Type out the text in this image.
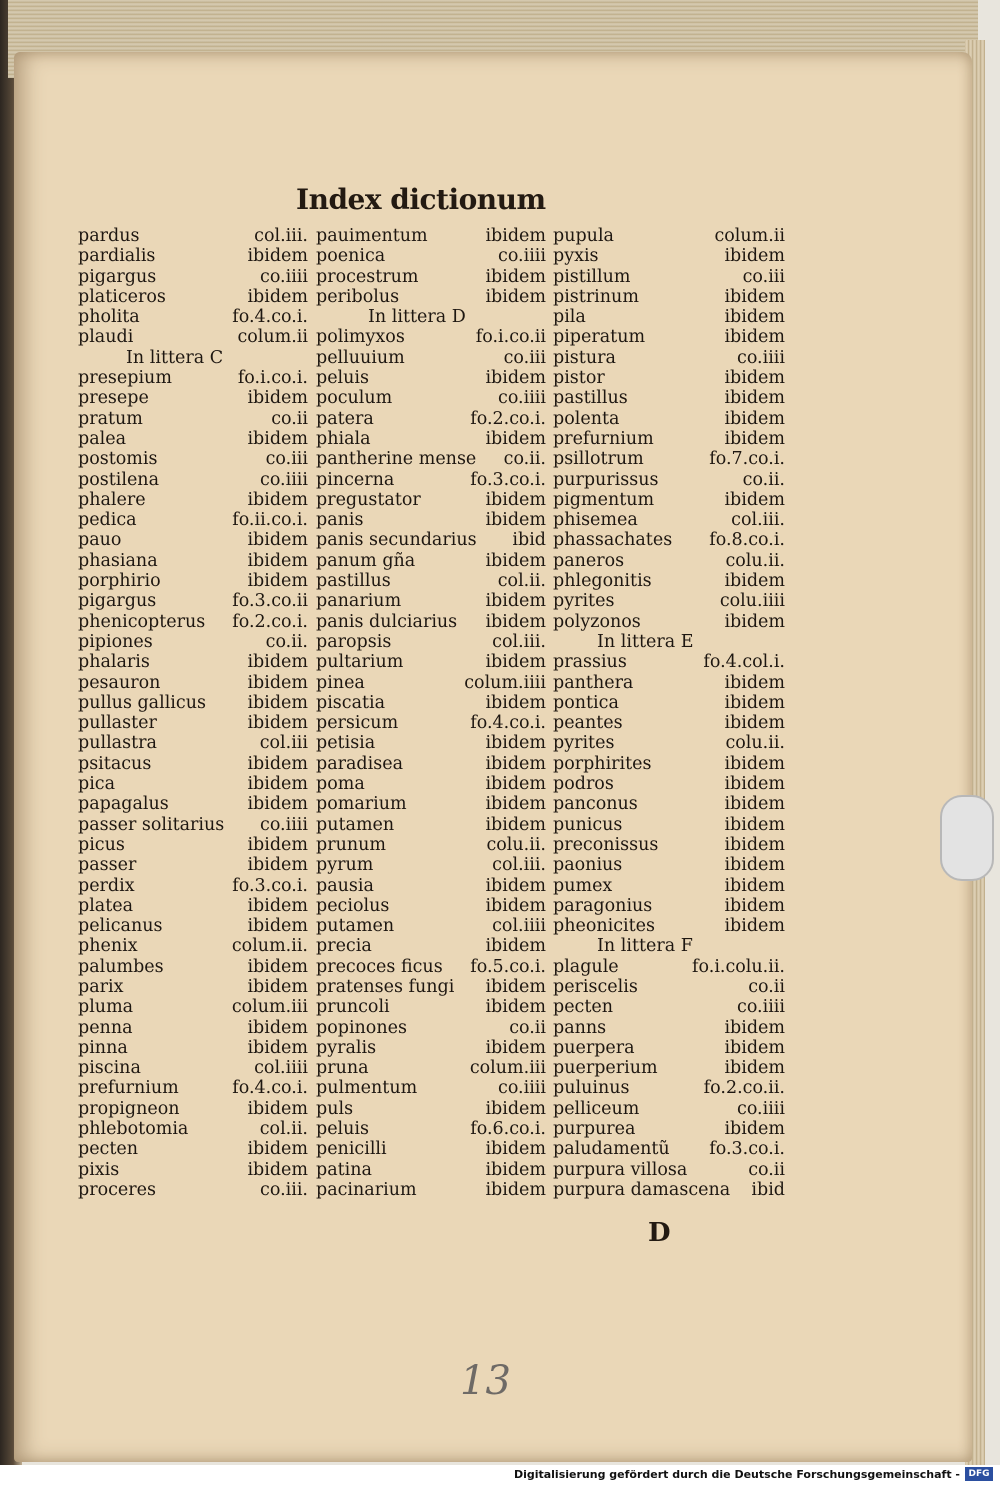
Index dictionum
pardus	col.iii.
pardialis	ibidem
pigargus	co.iiii
platiceros	ibidem
pholita	fo.4.co.i.
plaudi	colum.ii
In littera C
presepium	fo.i.co.i.
presepe	ibidem
pratum	co.ii
palea	ibidem
postomis	co.iii
postilena	co.iiii
phalere	ibidem
pedica	fo.ii.co.i.
pauo	ibidem
phasiana	ibidem
porphirio	ibidem
pigargus	fo.3.co.ii
phenicopterus fo.2.co.i.
pipiones	co.ii.
phalaris	ibidem
pesauron	ibidem
pullus gallicus ibidem
pullaster	ibidem
pullastra	col.iii
psitacus	ibidem
pica	ibidem
papagalus	ibidem
passer solitarius co.iiii
picus	ibidem
passer	ibidem
perdix	fo.3.co.i.
platea	ibidem
pelicanus	ibidem
phenix	colum.ii.
palumbes	ibidem
parix	ibidem
pluma	colum.iii
penna	ibidem
pinna	ibidem
piscina	col.iiii
prefurnium	fo.4.co.i.
propigneon	ibidem
phlebotomia	col.ii.
pecten	ibidem
pixis	ibidem
proceres	co.iii.
pauimentum	ibidem
poenica	co.iiii
procestrum	ibidem
peribolus	ibidem
In littera D
polimyxos	fo.i.co.ii
pelluuium	co.iii
peluis	ibidem
poculum	co.iiii
patera	fo.2.co.i.
phiala	ibidem
pantherine mense co.ii.
pincerna	fo.3.co.i.
pregustator	ibidem
panis	ibidem
panis secundarius ibid
panum gña	ibidem
pastillus	col.ii.
panarium	ibidem
panis dulciarius ibidem
paropsis	col.iii.
pultarium	ibidem
pinea	colum.iiii
piscatia	ibidem
persicum	fo.4.co.i.
petisia	ibidem
paradisea	ibidem
poma	ibidem
pomarium	ibidem
putamen	ibidem
prunum	colu.ii.
pyrum	col.iii.
pausia	ibidem
peciolus	ibidem
putamen	col.iiii
precia	ibidem
precoces ficus fo.5.co.i.
pratenses fungi ibidem
pruncoli	ibidem
popinones	co.ii
pyralis	ibidem
pruna	colum.iii
pulmentum	co.iiii
puls	ibidem
peluis	fo.6.co.i.
penicilli	ibidem
patina	ibidem
pacinarium	ibidem
pupula	colum.ii
pyxis	ibidem
pistillum	co.iii
pistrinum	ibidem
pila	ibidem
piperatum	ibidem
pistura	co.iiii
pistor	ibidem
pastillus	ibidem
polenta	ibidem
prefurnium	ibidem
psillotrum	fo.7.co.i.
purpurissus	co.ii.
pigmentum	ibidem
phisemea	col.iii.
phassachates fo.8.co.i.
paneros	colu.ii.
phlegonitis	ibidem
pyrites	colu.iiii
polyzonos	ibidem
In littera E
prassius	fo.4.col.i.
panthera	ibidem
pontica	ibidem
peantes	ibidem
pyrites	colu.ii.
porphirites	ibidem
podros	ibidem
panconus	ibidem
punicus	ibidem
preconissus	ibidem
paonius	ibidem
pumex	ibidem
paragonius	ibidem
pheonicites	ibidem
In littera F
plagule	fo.i.colu.ii.
periscelis	co.ii
pecten	co.iiii
panns	ibidem
puerpera	ibidem
puerperium	ibidem
puluinus	fo.2.co.ii.
pelliceum	co.iiii
purpurea	ibidem
paludamentũ fo.3.co.i.
purpura villosa	co.ii
purpura damascena ibid
D
13
Digitalisierung gefördert durch die Deutsche Forschungsgemeinschaft - DFG
